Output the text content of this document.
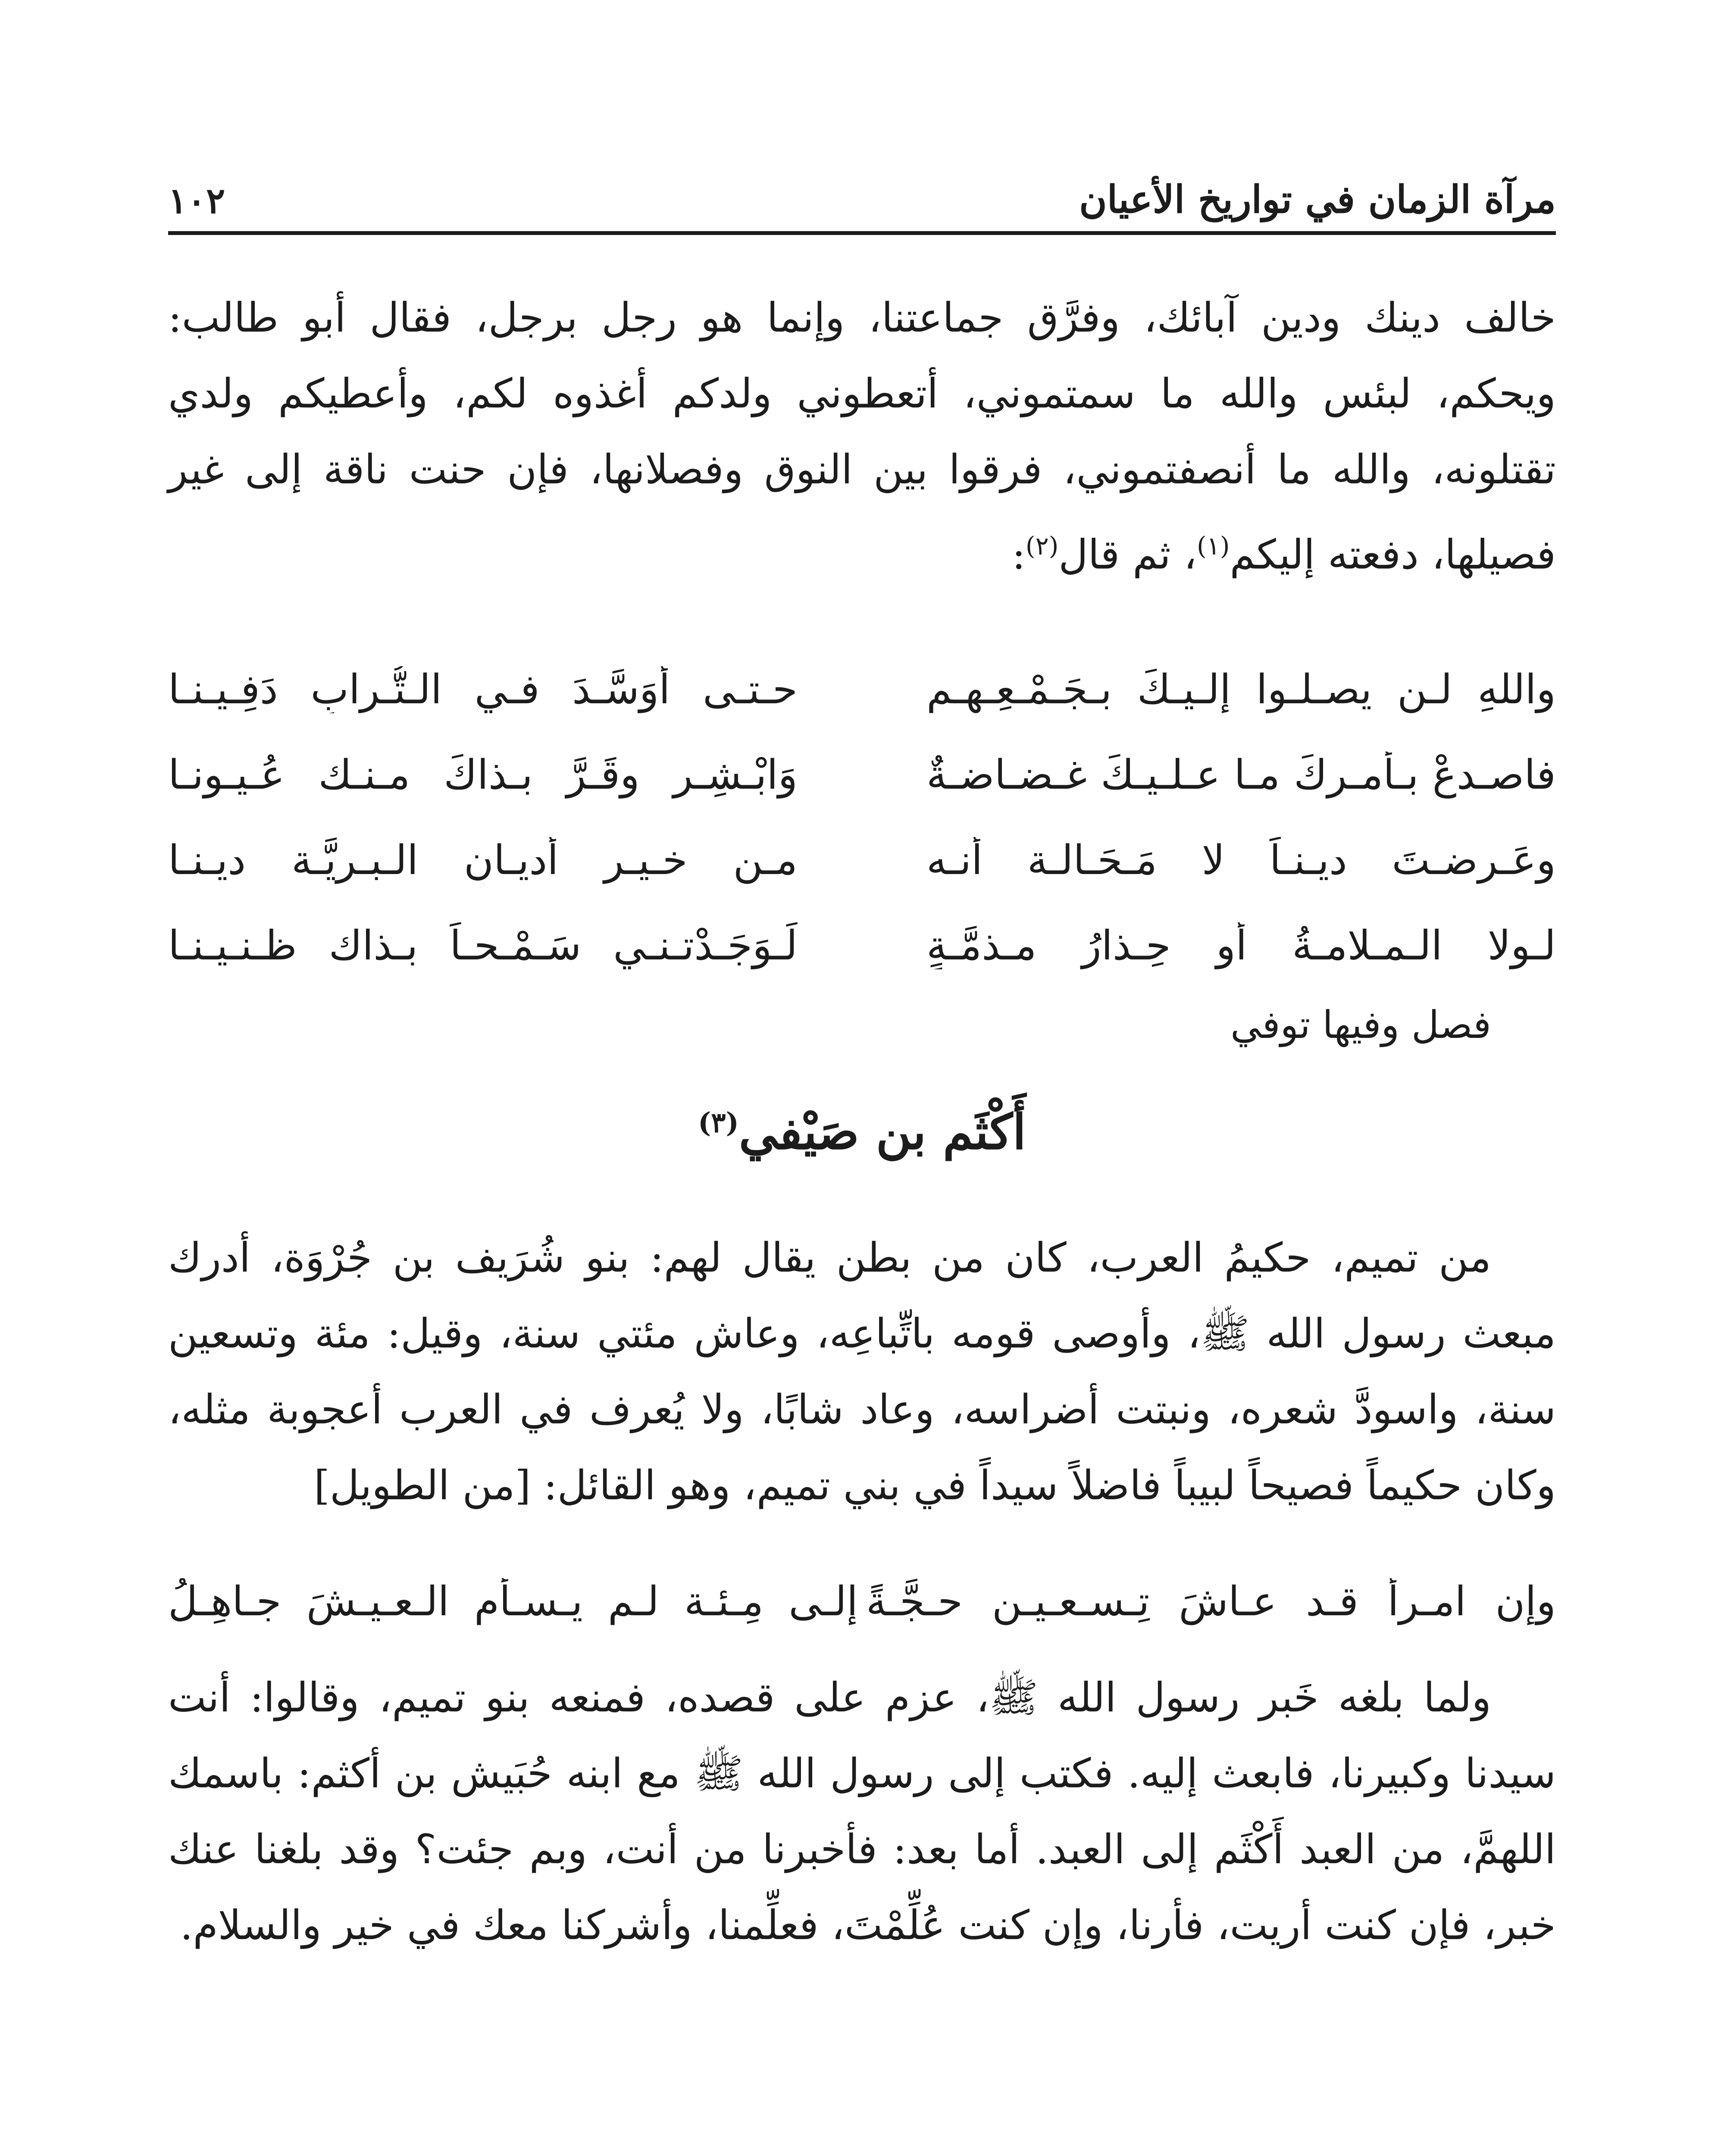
مرآة الزمان في تواريخ الأعيان
١٠٢

خالف دينك ودين آبائك، وفرَّق جماعتنا، وإنما هو رجل برجل، فقال أبو طالب: ويحكم، لبئس والله ما سمتموني، أتعطوني ولدكم أغذوه لكم، وأعطيكم ولدي تقتلونه، والله ما أنصفتموني، فرقوا بين النوق وفصلانها، فإن حنت ناقة إلى غير فصيلها، دفعته إليكم$^{(١)}$، ثم قال$^{(٢)}$:

واللهِ لـن يصـلـوا إلـيـكَ بـجَـمْـعِـهـم
حـتـى أُوَسَّـدَ فـي الـتُّـرابِ دَفِـيـنـا
فاصـدعْ بـأمـرِكَ مـا عـلـيـكَ غـضـاضـةٌ
وَابْـشِـر وقَـرَّ بـذاكَ مـنـك عُـيـونـا
وعَـرضـتَ ديـنـاً لا مَـحَـالـة أنـه
مـن خـيـر أديـانِ الـبـريَّـة ديـنـا
لـولا الـمـلامـةُ أو حِـذارُ مـذمَّـةٍ
لَـوَجَـدْتـنـي سَـمْـحـاً بـذاك ظـنـيـنـا
فصل وفيها توفي
أَكْثَم بن صَيْفي$^{(٣)}$

من تميم، حكيمُ العرب، كان من بطن يقال لهم: بنو شُرَيف بن جُرْوَة، أدرك مبعث رسول الله ﷺ، وأوصى قومه باتِّباعِه، وعاش مئتي سنة، وقيل: مئة وتسعين سنة، واسودَّ شعره، ونبتت أضراسه، وعاد شابًا، ولا يُعرف في العرب أعجوبة مثله، وكان حكيماً فصيحاً لبيباً فاضلاً سيداً في بني تميم، وهو القائل: [من الطويل]

وإن امـرأً قـد عـاشَ تِـسـعـيـن حـجَّـةً
إلـى مِـئـة لـم يـسـأمِ الـعـيـشَ جـاهِـلُ

ولما بلغه خَبر رسول الله ﷺ، عزم على قصده، فمنعه بنو تميم، وقالوا: أنت سيدنا وكبيرنا، فابعث إليه. فكتب إلى رسول الله ﷺ مع ابنه حُبَيش بن أكثم: باسمك اللهمَّ، من العبد أَكْثَم إلى العبد. أما بعد: فأخبرنا من أنت، وبم جئت؟ وقد بلغنا عنك خبر، فإن كنت أريت، فأرنا، وإن كنت عُلِّمْتَ، فعلِّمنا، وأشركنا معك في خير والسلام.
